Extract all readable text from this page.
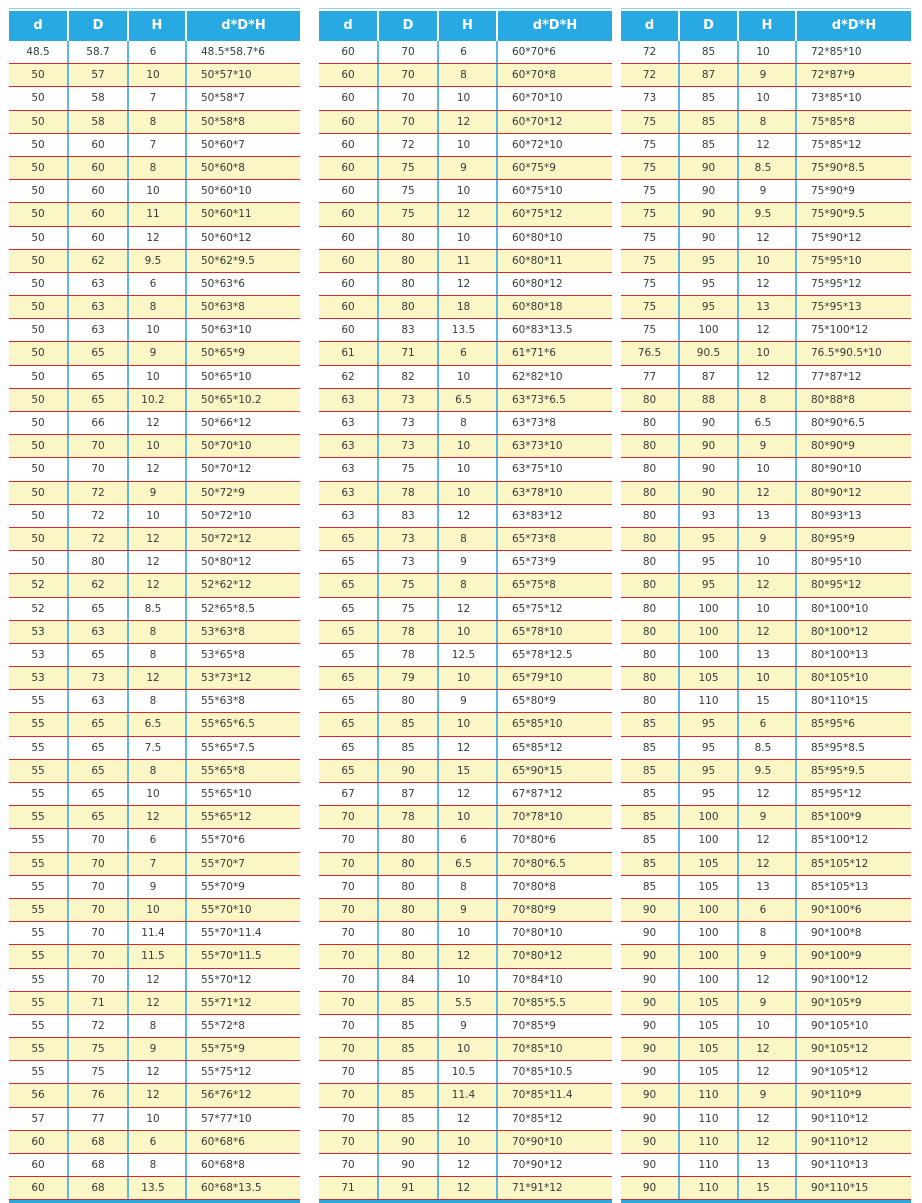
d	D	H	d*D*H
48.5	58.7	6	48.5*58.7*6
50	57	10	50*57*10
50	58	7	50*58*7
50	58	8	50*58*8
50	60	7	50*60*7
50	60	8	50*60*8
50	60	10	50*60*10
50	60	11	50*60*11
50	60	12	50*60*12
50	62	9.5	50*62*9.5
50	63	6	50*63*6
50	63	8	50*63*8
50	63	10	50*63*10
50	65	9	50*65*9
50	65	10	50*65*10
50	65	10.2	50*65*10.2
50	66	12	50*66*12
50	70	10	50*70*10
50	70	12	50*70*12
50	72	9	50*72*9
50	72	10	50*72*10
50	72	12	50*72*12
50	80	12	50*80*12
52	62	12	52*62*12
52	65	8.5	52*65*8.5
53	63	8	53*63*8
53	65	8	53*65*8
53	73	12	53*73*12
55	63	8	55*63*8
55	65	6.5	55*65*6.5
55	65	7.5	55*65*7.5
55	65	8	55*65*8
55	65	10	55*65*10
55	65	12	55*65*12
55	70	6	55*70*6
55	70	7	55*70*7
55	70	9	55*70*9
55	70	10	55*70*10
55	70	11.4	55*70*11.4
55	70	11.5	55*70*11.5
55	70	12	55*70*12
55	71	12	55*71*12
55	72	8	55*72*8
55	75	9	55*75*9
55	75	12	55*75*12
56	76	12	56*76*12
57	77	10	57*77*10
60	68	6	60*68*6
60	68	8	60*68*8
60	68	13.5	60*68*13.5
d	D	H	d*D*H
60	70	6	60*70*6
60	70	8	60*70*8
60	70	10	60*70*10
60	70	12	60*70*12
60	72	10	60*72*10
60	75	9	60*75*9
60	75	10	60*75*10
60	75	12	60*75*12
60	80	10	60*80*10
60	80	11	60*80*11
60	80	12	60*80*12
60	80	18	60*80*18
60	83	13.5	60*83*13.5
61	71	6	61*71*6
62	82	10	62*82*10
63	73	6.5	63*73*6.5
63	73	8	63*73*8
63	73	10	63*73*10
63	75	10	63*75*10
63	78	10	63*78*10
63	83	12	63*83*12
65	73	8	65*73*8
65	73	9	65*73*9
65	75	8	65*75*8
65	75	12	65*75*12
65	78	10	65*78*10
65	78	12.5	65*78*12.5
65	79	10	65*79*10
65	80	9	65*80*9
65	85	10	65*85*10
65	85	12	65*85*12
65	90	15	65*90*15
67	87	12	67*87*12
70	78	10	70*78*10
70	80	6	70*80*6
70	80	6.5	70*80*6.5
70	80	8	70*80*8
70	80	9	70*80*9
70	80	10	70*80*10
70	80	12	70*80*12
70	84	10	70*84*10
70	85	5.5	70*85*5.5
70	85	9	70*85*9
70	85	10	70*85*10
70	85	10.5	70*85*10.5
70	85	11.4	70*85*11.4
70	85	12	70*85*12
70	90	10	70*90*10
70	90	12	70*90*12
71	91	12	71*91*12
d	D	H	d*D*H
72	85	10	72*85*10
72	87	9	72*87*9
73	85	10	73*85*10
75	85	8	75*85*8
75	85	12	75*85*12
75	90	8.5	75*90*8.5
75	90	9	75*90*9
75	90	9.5	75*90*9.5
75	90	12	75*90*12
75	95	10	75*95*10
75	95	12	75*95*12
75	95	13	75*95*13
75	100	12	75*100*12
76.5	90.5	10	76.5*90.5*10
77	87	12	77*87*12
80	88	8	80*88*8
80	90	6.5	80*90*6.5
80	90	9	80*90*9
80	90	10	80*90*10
80	90	12	80*90*12
80	93	13	80*93*13
80	95	9	80*95*9
80	95	10	80*95*10
80	95	12	80*95*12
80	100	10	80*100*10
80	100	12	80*100*12
80	100	13	80*100*13
80	105	10	80*105*10
80	110	15	80*110*15
85	95	6	85*95*6
85	95	8.5	85*95*8.5
85	95	9.5	85*95*9.5
85	95	12	85*95*12
85	100	9	85*100*9
85	100	12	85*100*12
85	105	12	85*105*12
85	105	13	85*105*13
90	100	6	90*100*6
90	100	8	90*100*8
90	100	9	90*100*9
90	100	12	90*100*12
90	105	9	90*105*9
90	105	10	90*105*10
90	105	12	90*105*12
90	105	12	90*105*12
90	110	9	90*110*9
90	110	12	90*110*12
90	110	12	90*110*12
90	110	13	90*110*13
90	110	15	90*110*15
